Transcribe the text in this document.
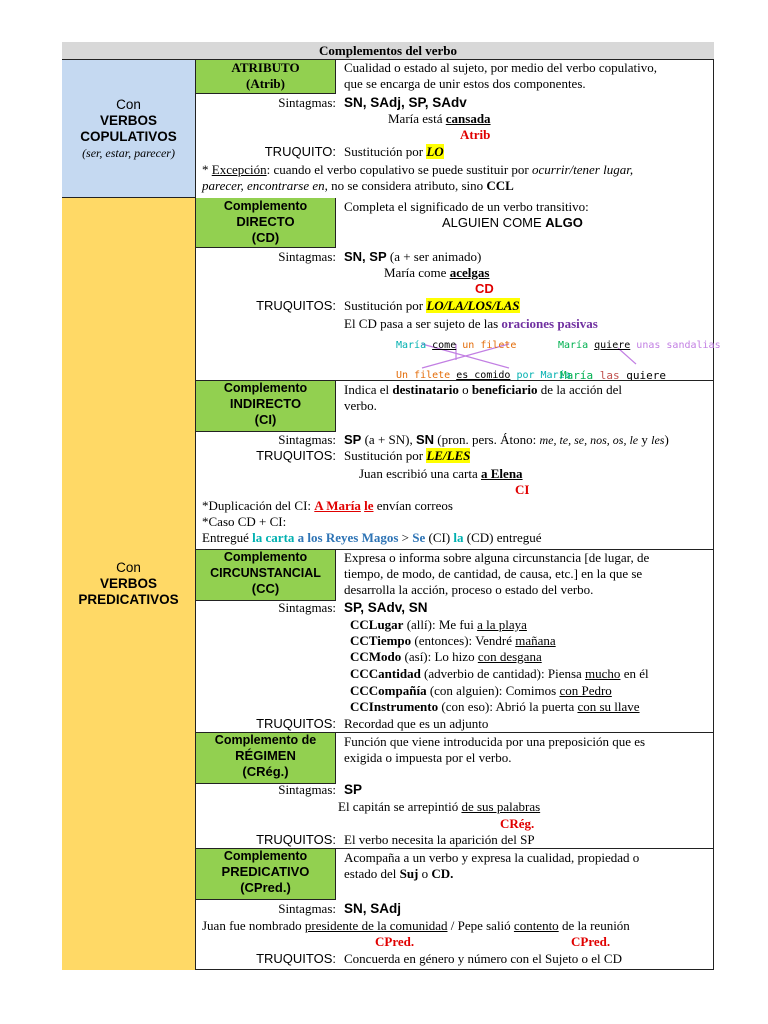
Complementos del verbo
Con
VERBOS
COPULATIVOS
(ser, estar, parecer)
Con
VERBOS
PREDICATIVOS
ATRIBUTO
(Atrib)
Cualidad o estado al sujeto, por medio del verbo copulativo,
que se encarga de unir estos dos componentes.
Sintagmas: SN, SAdj, SP, SAdv
María está cansada
Atrib
TRUQUITO: Sustitución por LO
* Excepción: cuando el verbo copulativo se puede sustituir por ocurrir/tener lugar,
parecer, encontrarse en, no se considera atributo, sino CCL
Complemento
DIRECTO
(CD)
Completa el significado de un verbo transitivo:
ALGUIEN COME ALGO
Sintagmas: SN, SP (a + ser animado)
María come acelgas
CD
TRUQUITOS: Sustitución por LO/LA/LOS/LAS
El CD pasa a ser sujeto de las oraciones pasivas
María come un filete
Un filete es comido por María
María quiere unas sandalias
María las quiere
Complemento
INDIRECTO
(CI)
Indica el destinatario o beneficiario de la acción del
verbo.
Sintagmas: SP (a + SN), SN (pron. pers. Átono: me, te, se, nos, os, le y les)
TRUQUITOS: Sustitución por LE/LES
Juan escribió una carta a Elena
CI
*Duplicación del CI: A María le envían correos
*Caso CD + CI:
Entregué la carta a los Reyes Magos > Se (CI) la (CD) entregué
Complemento
CIRCUNSTANCIAL
(CC)
Expresa o informa sobre alguna circunstancia [de lugar, de
tiempo, de modo, de cantidad, de causa, etc.] en la que se
desarrolla la acción, proceso o estado del verbo.
Sintagmas: SP, SAdv, SN
CCLugar (allí): Me fui a la playa
CCTiempo (entonces): Vendré mañana
CCModo (así): Lo hizo con desgana
CCCantidad (adverbio de cantidad): Piensa mucho en él
CCCompañía (con alguien): Comimos con Pedro
CCInstrumento (con eso): Abrió la puerta con su llave
TRUQUITOS: Recordad que es un adjunto
Complemento de
RÉGIMEN
(CRég.)
Función que viene introducida por una preposición que es
exigida o impuesta por el verbo.
Sintagmas: SP
El capitán se arrepintió de sus palabras
CRég.
TRUQUITOS: El verbo necesita la aparición del SP
Complemento
PREDICATIVO
(CPred.)
Acompaña a un verbo y expresa la cualidad, propiedad o
estado del Suj o CD.
Sintagmas: SN, SAdj
Juan fue nombrado presidente de la comunidad / Pepe salió contento de la reunión
CPred.	CPred.
TRUQUITOS: Concuerda en género y número con el Sujeto o el CD
